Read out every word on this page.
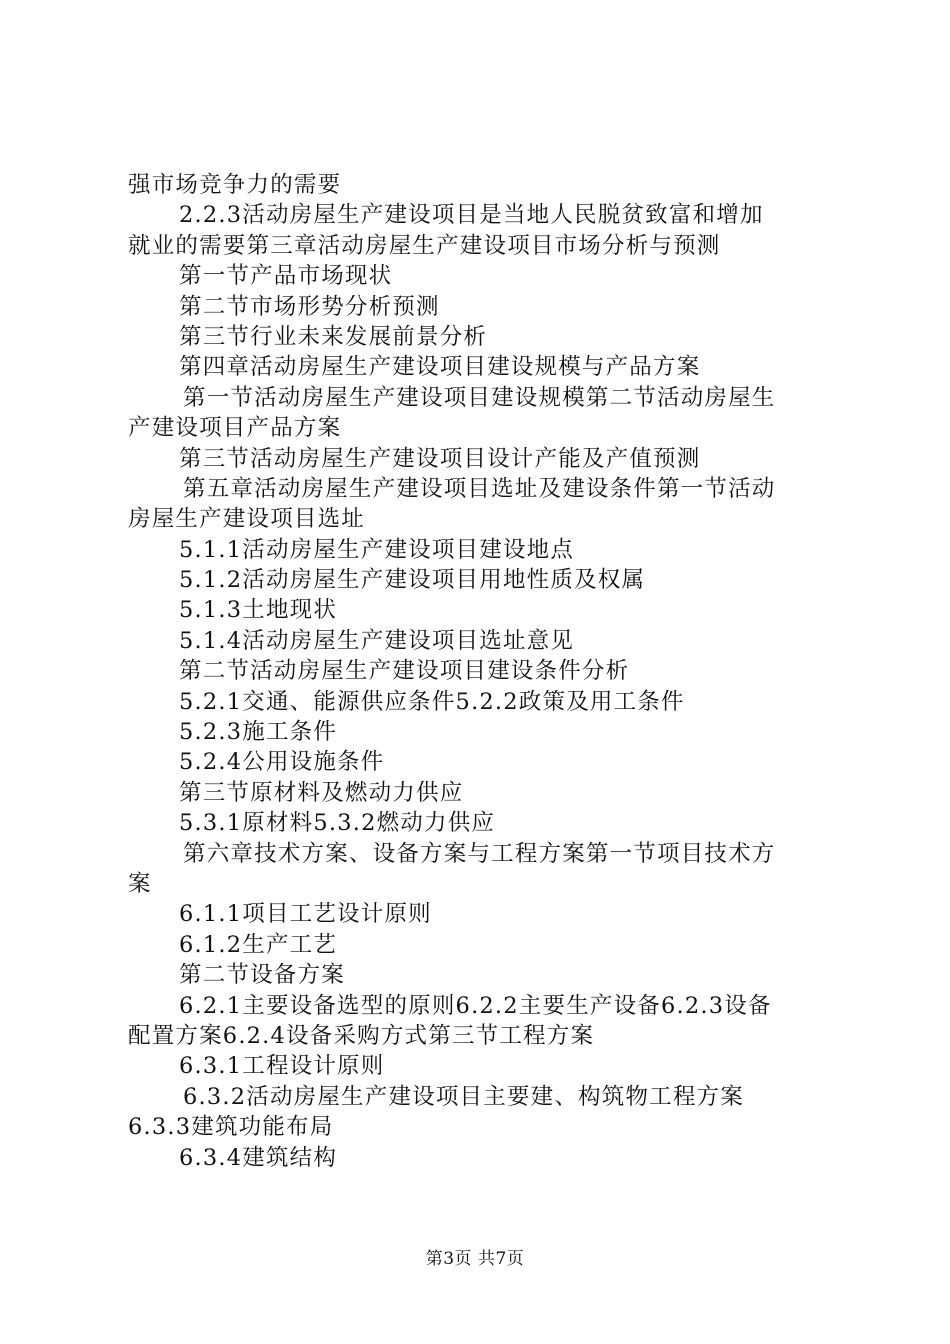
强市场竞争力的需要
2.2.3活动房屋生产建设项目是当地人民脱贫致富和增加
就业的需要第三章活动房屋生产建设项目市场分析与预测
第一节产品市场现状
第二节市场形势分析预测
第三节行业未来发展前景分析
第四章活动房屋生产建设项目建设规模与产品方案
第一节活动房屋生产建设项目建设规模第二节活动房屋生
产建设项目产品方案
第三节活动房屋生产建设项目设计产能及产值预测
第五章活动房屋生产建设项目选址及建设条件第一节活动
房屋生产建设项目选址
5.1.1活动房屋生产建设项目建设地点
5.1.2活动房屋生产建设项目用地性质及权属
5.1.3土地现状
5.1.4活动房屋生产建设项目选址意见
第二节活动房屋生产建设项目建设条件分析
5.2.1交通、能源供应条件5.2.2政策及用工条件
5.2.3施工条件
5.2.4公用设施条件
第三节原材料及燃动力供应
5.3.1原材料5.3.2燃动力供应
第六章技术方案、设备方案与工程方案第一节项目技术方
案
6.1.1项目工艺设计原则
6.1.2生产工艺
第二节设备方案
6.2.1主要设备选型的原则6.2.2主要生产设备6.2.3设备
配置方案6.2.4设备采购方式第三节工程方案
6.3.1工程设计原则
6.3.2活动房屋生产建设项目主要建、构筑物工程方案
6.3.3建筑功能布局
6.3.4建筑结构
第3页 共7页
